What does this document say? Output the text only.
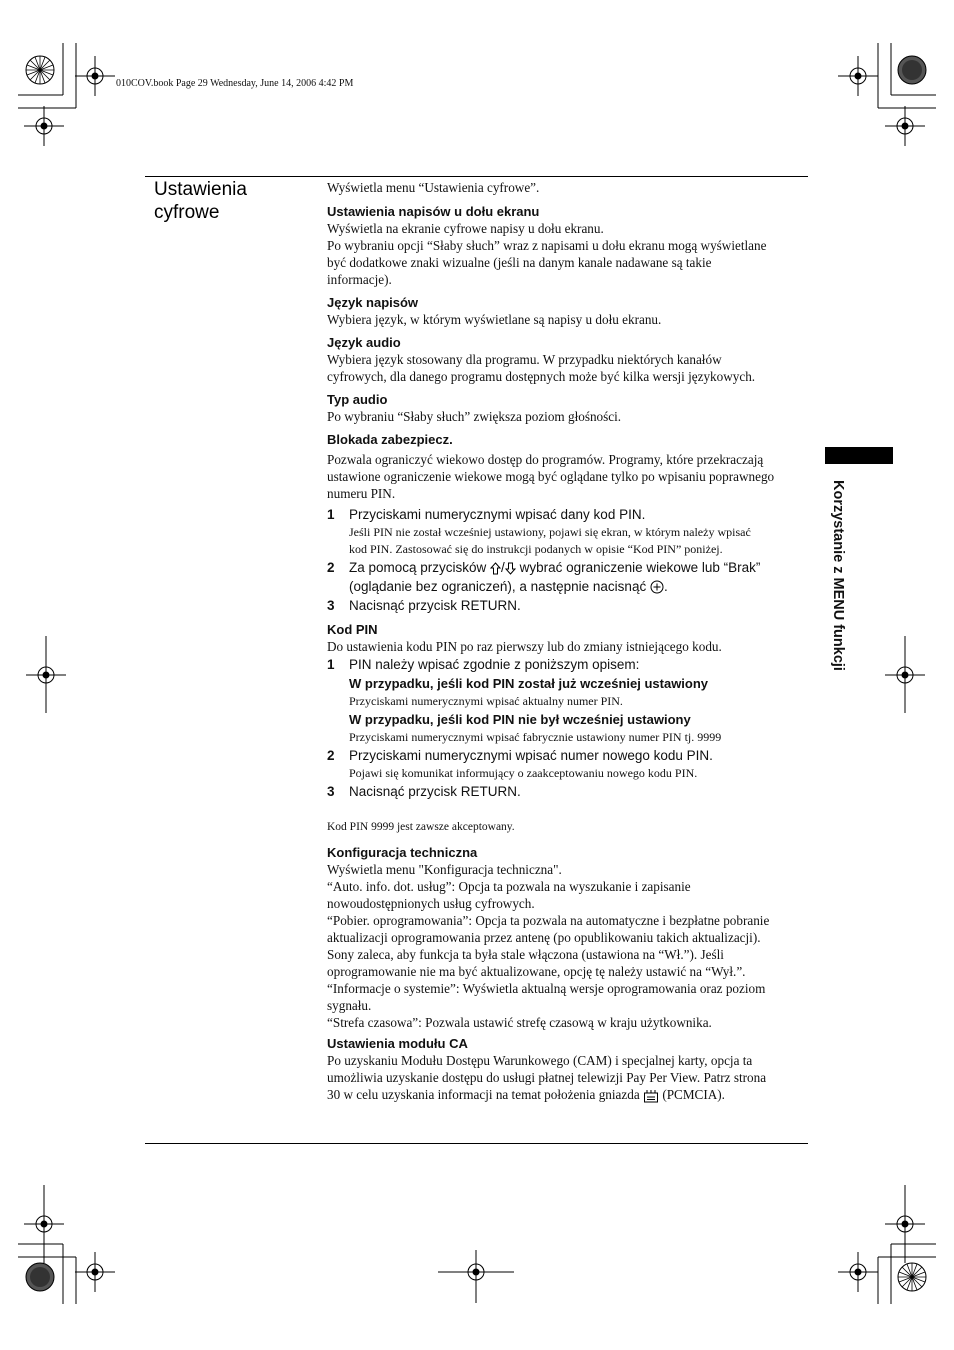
010COV.book Page 29 Wednesday, June 14, 2006 4:42 PM
Ustawienia
cyfrowe
Korzystanie z MENU funkcji

Wyświetla menu “Ustawienia cyfrowe”.

Ustawienia napisów u dołu ekranu

Wyświetla na ekranie cyfrowe napisy u dołu ekranu.

Po wybraniu opcji “Słaby słuch” wraz z napisami u dołu ekranu mogą wyświetlane

być dodatkowe znaki wizualne (jeśli na danym kanale nadawane są takie

informacje).

Język napisów

Wybiera język, w którym wyświetlane są napisy u dołu ekranu.

Język audio

Wybiera język stosowany dla programu. W przypadku niektórych kanałów

cyfrowych, dla danego programu dostępnych może być kilka wersji językowych.

Typ audio

Po wybraniu “Słaby słuch” zwiększa poziom głośności.

Blokada zabezpiecz.

Pozwala ograniczyć wiekowo dostęp do programów. Programy, które przekraczają

ustawione ograniczenie wiekowe mogą być oglądane tylko po wpisaniu poprawnego

numeru PIN.

1 Przyciskami numerycznymi wpisać dany kod PIN.
Jeśli PIN nie został wcześniej ustawiony, pojawi się ekran, w którym należy wpisać
kod PIN. Zastosować się do instrukcji podanych w opisie “Kod PIN” poniżej.
2 Za pomocą przycisków / wybrać ograniczenie wiekowe lub “Brak”
(oglądanie bez ograniczeń), a następnie nacisnąć .
3 Nacisnąć przycisk RETURN.

Kod PIN

Do ustawienia kodu PIN po raz pierwszy lub do zmiany istniejącego kodu.

1 PIN należy wpisać zgodnie z poniższym opisem:
W przypadku, jeśli kod PIN został już wcześniej ustawiony
Przyciskami numerycznymi wpisać aktualny numer PIN.
W przypadku, jeśli kod PIN nie był wcześniej ustawiony
Przyciskami numerycznymi wpisać fabrycznie ustawiony numer PIN tj. 9999
2 Przyciskami numerycznymi wpisać numer nowego kodu PIN.
Pojawi się komunikat informujący o zaakceptowaniu nowego kodu PIN.
3 Nacisnąć przycisk RETURN.

Kod PIN 9999 jest zawsze akceptowany.

Konfiguracja techniczna

Wyświetla menu "Konfiguracja techniczna".

“Auto. info. dot. usług”: Opcja ta pozwala na wyszukanie i zapisanie

nowoudostępnionych usług cyfrowych.

“Pobier. oprogramowania”: Opcja ta pozwala na automatyczne i bezpłatne pobranie

aktualizacji oprogramowania przez antenę (po opublikowaniu takich aktualizacji).

Sony zaleca, aby funkcja ta była stale włączona (ustawiona na “Wł.”). Jeśli

oprogramowanie nie ma być aktualizowane, opcję tę należy ustawić na “Wył.”.

“Informacje o systemie”: Wyświetla aktualną wersje oprogramowania oraz poziom

sygnału.

“Strefa czasowa”: Pozwala ustawić strefę czasową w kraju użytkownika.

Ustawienia modułu CA

Po uzyskaniu Modułu Dostępu Warunkowego (CAM) i specjalnej karty, opcja ta

umożliwia uzyskanie dostępu do usługi płatnej telewizji Pay Per View. Patrz strona

30 w celu uzyskania informacji na temat położenia gniazda  (PCMCIA).
